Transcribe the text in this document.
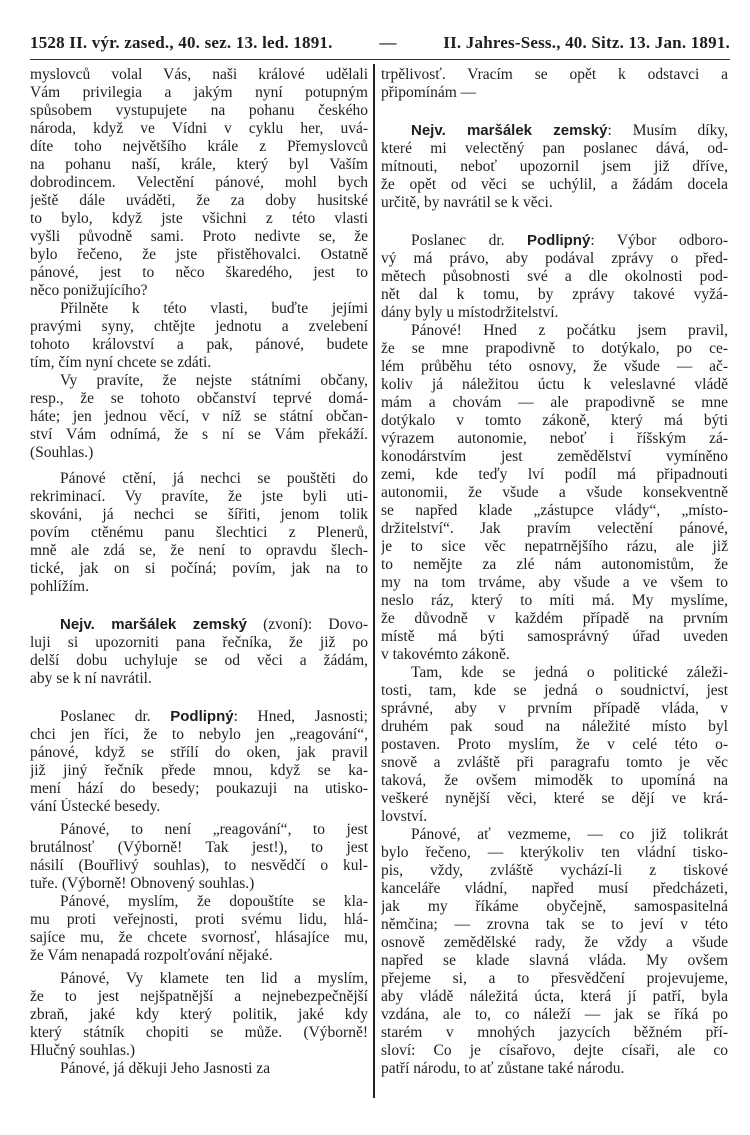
1528 II. výr. zased., 40. sez. 13. led. 1891.	—	II. Jahres-Sess., 40. Sitz. 13. Jan. 1891.
myslovců volal Vás, naši králové udělali
Vám privilegia a jakým nyní potupným
spůsobem vystupujete na pohanu českého
národa, když ve Vídni v cyklu her, uvá-
díte toho největšího krále z Přemyslovců
na pohanu naší, krále, který byl Vaším
dobrodincem. Velectění pánové, mohl bych
ještě dále uváděti, že za doby husitské
to bylo, když jste všichni z této vlasti
vyšli původně sami. Proto nedivte se, že
bylo řečeno, že jste přistěhovalci. Ostatně
pánové, jest to něco škaredého, jest to
něco ponižujícího?
Přilněte k této vlasti, buďte jejími
pravými syny, chtějte jednotu a zvelebení
tohoto království a pak, pánové, budete
tím, čím nyní chcete se zdáti.
Vy pravíte, že nejste státními občany,
resp., že se tohoto občanství teprvé domá-
háte; jen jednou věcí, v níž se státní občan-
ství Vám odnímá, že s ní se Vám překáží.
(Souhlas.)
Pánové ctění, já nechci se pouštěti do
rekriminací. Vy pravíte, že jste byli uti-
skováni, já nechci se šířiti, jenom tolik
povím ctěnému panu šlechtici z Plenerů,
mně ale zdá se, že není to opravdu šlech-
tické, jak on si počíná; povím, jak na to
pohlížím.
Nejv. maršálek zemský (zvoní): Dovo-
luji si upozorniti pana řečníka, že již po
delší dobu uchyluje se od věci a žádám,
aby se k ní navrátil.
Poslanec dr. Podlipný: Hned, Jasnosti;
chci jen říci, že to nebylo jen „reagování“,
pánové, když se střílí do oken, jak pravil
již jiný řečník přede mnou, když se ka-
mení hází do besedy; poukazuji na utisko-
vání Ústecké besedy.
Pánové, to není „reagování“, to jest
brutálnosť (Výborně! Tak jest!), to jest
násilí (Bouřlivý souhlas), to nesvědčí o kul-
tuře. (Výborně! Obnovený souhlas.)
Pánové, myslím, že dopouštíte se kla-
mu proti veřejnosti, proti svému lidu, hlá-
sajíce mu, že chcete svornosť, hlásajíce mu,
že Vám nenapadá rozpolťování nějaké.
Pánové, Vy klamete ten lid a myslím,
že to jest nejšpatnější a nejnebezpečnější
zbraň, jaké kdy který politik, jaké kdy
který státník chopiti se může. (Výborně!
Hlučný souhlas.)
Pánové, já děkuji Jeho Jasnosti za
trpělivosť. Vracím se opět k odstavci a
připomínám —
Nejv. maršálek zemský: Musím díky,
které mi velectěný pan poslanec dává, od-
mítnouti, neboť upozornil jsem již dříve,
že opět od věci se uchýlil, a žádám docela
určitě, by navrátil se k věci.
Poslanec dr. Podlipný: Výbor odboro-
vý má právo, aby podával zprávy o před-
mětech působnosti své a dle okolnosti pod-
nět dal k tomu, by zprávy takové vyžá-
dány byly u místodržitelství.
Pánové! Hned z počátku jsem pravil,
že se mne prapodivně to dotýkalo, po ce-
lém průběhu této osnovy, že všude — ač-
koliv já náležitou úctu k veleslavné vládě
mám a chovám — ale prapodivně se mne
dotýkalo v tomto zákoně, který má býti
výrazem autonomie, neboť i říšským zá-
konodárstvím jest zemědělství vymíněno
zemi, kde teďy lví podíl má připadnouti
autonomii, že všude a všude konsekventně
se napřed klade „zástupce vlády“, „místo-
držitelství“. Jak pravím velectění pánové,
je to sice věc nepatrnějšího rázu, ale již
to nemějte za zlé nám autonomistům, že
my na tom trváme, aby všude a ve všem to
neslo ráz, který to míti má. My myslíme,
že důvodně v každém případě na prvním
místě má býti samosprávný úřad uveden
v takovémto zákoně.
Tam, kde se jedná o politické záleži-
tosti, tam, kde se jedná o soudnictví, jest
správné, aby v prvním případě vláda, v
druhém pak soud na náležité místo byl
postaven. Proto myslím, že v celé této o-
snově a zvláště při paragrafu tomto je věc
taková, že ovšem mimoděk to upomíná na
veškeré nynější věci, které se dějí ve krá-
lovství.
Pánové, ať vezmeme, — co již tolikrát
bylo řečeno, — kterýkoliv ten vládní tisko-
pis, vždy, zvláště vychází-li z tiskové
kanceláře vládní, napřed musí předcházeti,
jak my říkáme obyčejně, samospasitelná
němčina; — zrovna tak se to jeví v této
osnově zemědělské rady, že vždy a všude
napřed se klade slavná vláda. My ovšem
přejeme si, a to přesvědčení projevujeme,
aby vládě náležitá úcta, která jí patří, byla
vzdána, ale to, co náleží — jak se říká po
starém v mnohých jazycích běžném pří-
sloví: Co je císařovo, dejte císaři, ale co
patří národu, to ať zůstane také národu.
